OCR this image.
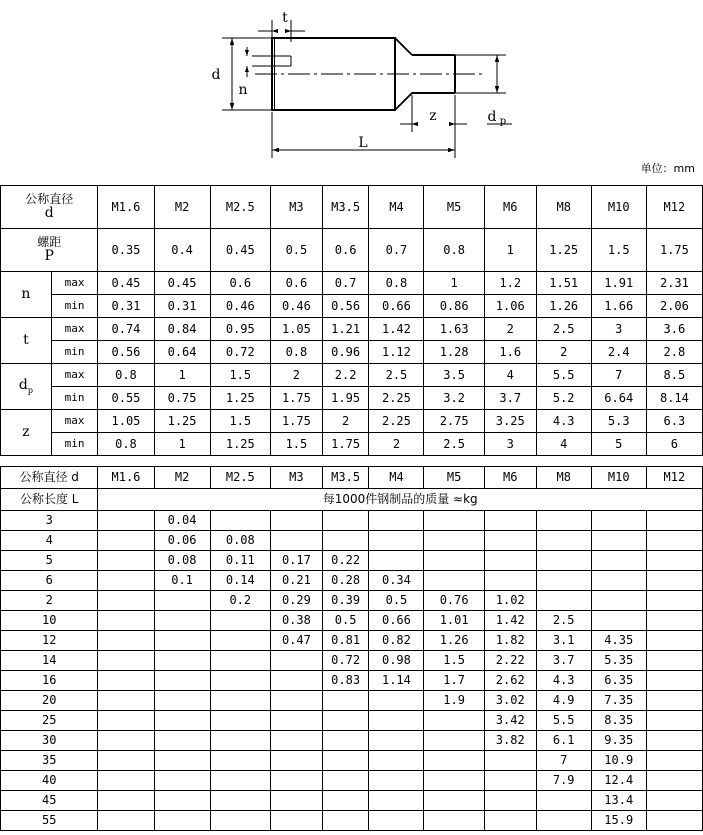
t
d
n
z	d p
L
单位：mm
公称直径
d		M1.6	M2	M2.5	M3	M3.5	M4	M5	M6	M8	M10	M12

螺距
P		0.35	0.4	0.45	0.5	0.6	0.7	0.8	1	1.25	1.5	1.75
n	max	0.45	0.45	0.6	0.6	0.7	0.8	1	1.2	1.51	1.91	2.31
	min	0.31	0.31	0.46	0.46	0.56	0.66	0.86	1.06	1.26	1.66	2.06
t	max	0.74	0.84	0.95	1.05	1.21	1.42	1.63	2	2.5	3	3.6
	min	0.56	0.64	0.72	0.8	0.96	1.12	1.28	1.6	2	2.4	2.8
$d_p$	max	0.8	1	1.5	2	2.2	2.5	3.5	4	5.5	7	8.5
	min	0.55	0.75	1.25	1.75	1.95	2.25	3.2	3.7	5.2	6.64	8.14
z	max	1.05	1.25	1.5	1.75	2	2.25	2.75	3.25	4.3	5.3	6.3
	min	0.8	1	1.25	1.5	1.75	2	2.5	3	4	5	6
公称直径 d	M1.6	M2	M2.5	M3	M3.5	M4	M5	M6	M8	M10	M12
公称长度 L	每1000件钢制品的质量 ≈kg										
3		0.04									
4		0.06	0.08								
5		0.08	0.11	0.17	0.22						
6		0.1	0.14	0.21	0.28	0.34					
2			0.2	0.29	0.39	0.5	0.76	1.02			
10				0.38	0.5	0.66	1.01	1.42	2.5		
12				0.47	0.81	0.82	1.26	1.82	3.1	4.35	
14					0.72	0.98	1.5	2.22	3.7	5.35	
16					0.83	1.14	1.7	2.62	4.3	6.35	
20							1.9	3.02	4.9	7.35	
25								3.42	5.5	8.35	
30								3.82	6.1	9.35	
35									7	10.9	
40									7.9	12.4	
45										13.4	
55										15.9	
